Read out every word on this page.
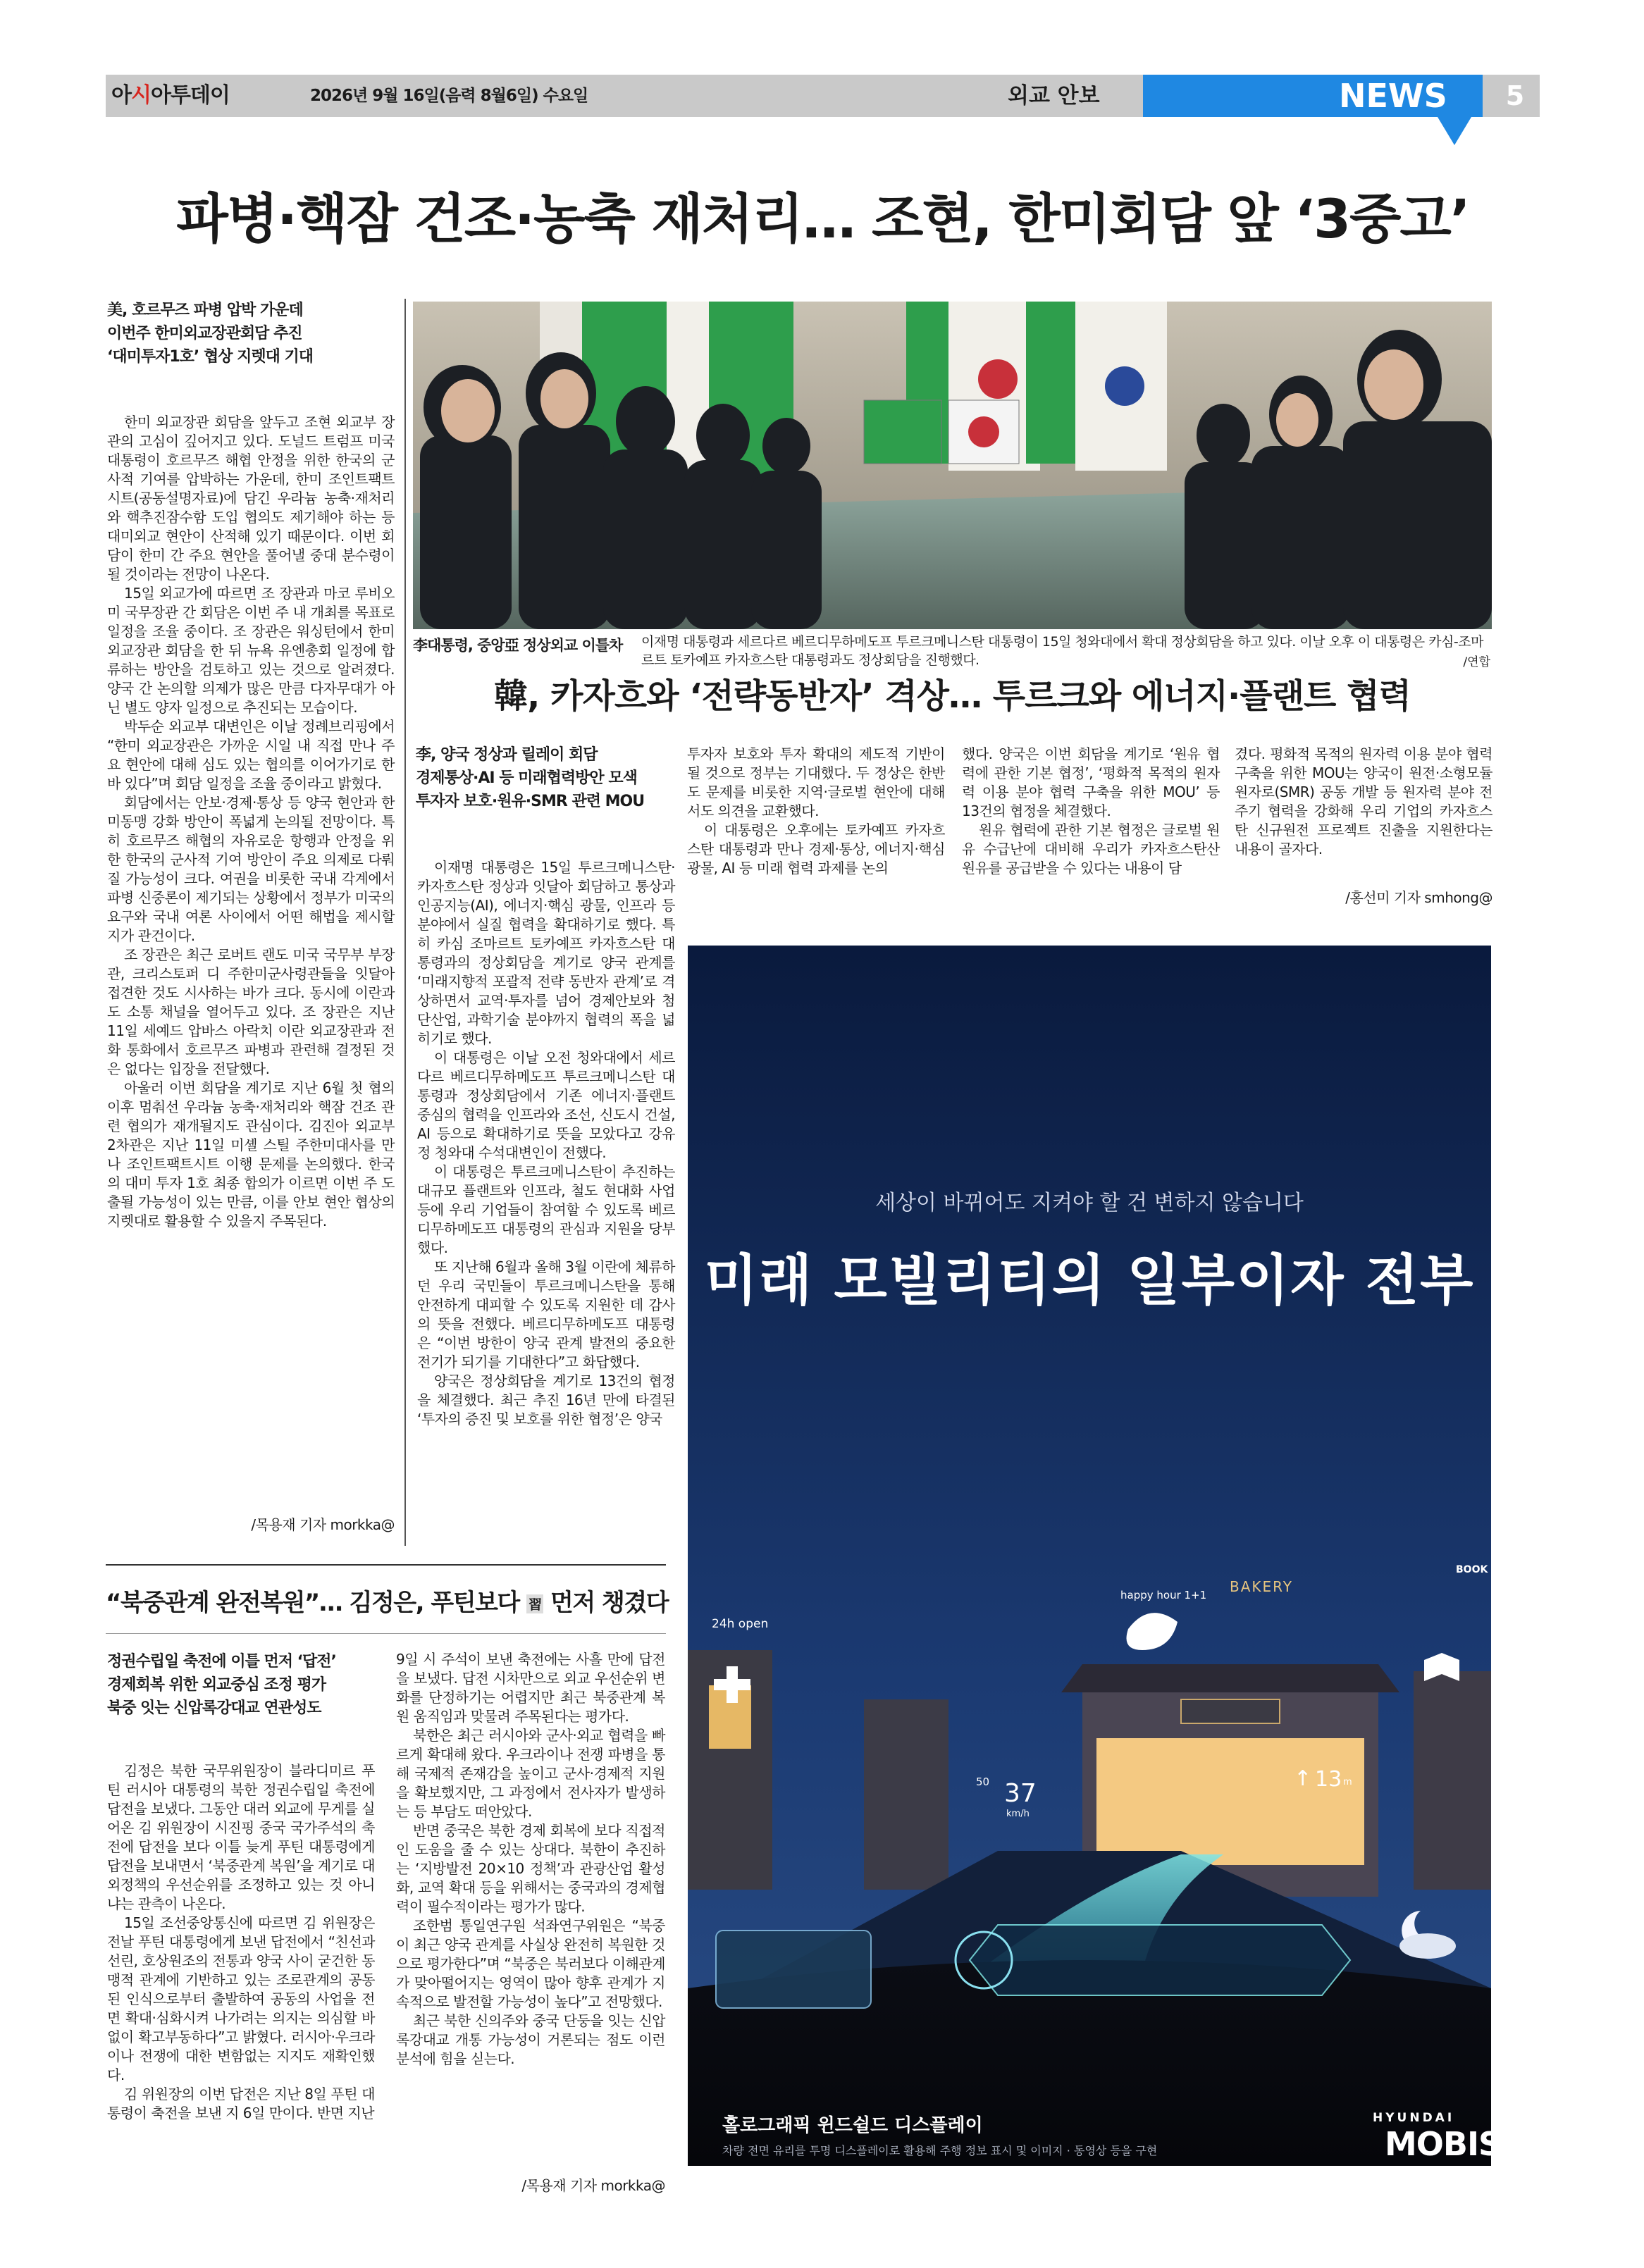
아시아투데이	2026년 9월 16일(음력 8월6일) 수요일	외교 안보	NEWS	5
파병·핵잠 건조·농축 재처리… 조현, 한미회담 앞 ‘3중고’
美, 호르무즈 파병 압박 가운데
이번주 한미외교장관회담 추진
‘대미투자1호’ 협상 지렛대 기대

한미 외교장관 회담을 앞두고 조현 외교부 장관의 고심이 깊어지고 있다. 도널드 트럼프 미국 대통령이 호르무즈 해협 안정을 위한 한국의 군사적 기여를 압박하는 가운데, 한미 조인트팩트시트(공동설명자료)에 담긴 우라늄 농축·재처리와 핵추진잠수함 도입 협의도 제기해야 하는 등 대미외교 현안이 산적해 있기 때문이다. 이번 회담이 한미 간 주요 현안을 풀어낼 중대 분수령이 될 것이라는 전망이 나온다.

15일 외교가에 따르면 조 장관과 마코 루비오 미 국무장관 간 회담은 이번 주 내 개최를 목표로 일정을 조율 중이다. 조 장관은 워싱턴에서 한미 외교장관 회담을 한 뒤 뉴욕 유엔총회 일정에 합류하는 방안을 검토하고 있는 것으로 알려졌다. 양국 간 논의할 의제가 많은 만큼 다자무대가 아닌 별도 양자 일정으로 추진되는 모습이다.

박두순 외교부 대변인은 이날 정례브리핑에서 “한미 외교장관은 가까운 시일 내 직접 만나 주요 현안에 대해 심도 있는 협의를 이어가기로 한 바 있다”며 회담 일정을 조율 중이라고 밝혔다.

회담에서는 안보·경제·통상 등 양국 현안과 한미동맹 강화 방안이 폭넓게 논의될 전망이다. 특히 호르무즈 해협의 자유로운 항행과 안정을 위한 한국의 군사적 기여 방안이 주요 의제로 다뤄질 가능성이 크다. 여권을 비롯한 국내 각계에서 파병 신중론이 제기되는 상황에서 정부가 미국의 요구와 국내 여론 사이에서 어떤 해법을 제시할지가 관건이다.

조 장관은 최근 로버트 랜도 미국 국무부 부장관, 크리스토퍼 디 주한미군사령관들을 잇달아 접견한 것도 시사하는 바가 크다. 동시에 이란과도 소통 채널을 열어두고 있다. 조 장관은 지난 11일 세예드 압바스 아락치 이란 외교장관과 전화 통화에서 호르무즈 파병과 관련해 결정된 것은 없다는 입장을 전달했다.

아울러 이번 회담을 계기로 지난 6월 첫 협의 이후 멈춰선 우라늄 농축·재처리와 핵잠 건조 관련 협의가 재개될지도 관심이다. 김진아 외교부 2차관은 지난 11일 미셸 스틸 주한미대사를 만나 조인트팩트시트 이행 문제를 논의했다. 한국의 대미 투자 1호 최종 합의가 이르면 이번 주 도출될 가능성이 있는 만큼, 이를 안보 현안 협상의 지렛대로 활용할 수 있을지 주목된다.

/목용재 기자 morkka@
李대통령, 중앙亞 정상외교 이틀차 이재명 대통령과 세르다르 베르디무하메도프 투르크메니스탄 대통령이 15일 청와대에서 확대 정상회담을 하고 있다. 이날 오후 이 대통령은 카심-조마르트 토카예프 카자흐스탄 대통령과도 정상회담을 진행했다.	/연합
韓, 카자흐와 ‘전략동반자’ 격상… 투르크와 에너지·플랜트 협력
李, 양국 정상과 릴레이 회담
경제통상·AI 등 미래협력방안 모색
투자자 보호·원유·SMR 관련 MOU

이재명 대통령은 15일 투르크메니스탄·카자흐스탄 정상과 잇달아 회담하고 통상과 인공지능(AI), 에너지·핵심 광물, 인프라 등 분야에서 실질 협력을 확대하기로 했다. 특히 카심 조마르트 토카예프 카자흐스탄 대통령과의 정상회담을 계기로 양국 관계를 ‘미래지향적 포괄적 전략 동반자 관계’로 격상하면서 교역·투자를 넘어 경제안보와 첨단산업, 과학기술 분야까지 협력의 폭을 넓히기로 했다.

이 대통령은 이날 오전 청와대에서 세르다르 베르디무하메도프 투르크메니스탄 대통령과 정상회담에서 기존 에너지·플랜트 중심의 협력을 인프라와 조선, 신도시 건설, AI 등으로 확대하기로 뜻을 모았다고 강유정 청와대 수석대변인이 전했다.

이 대통령은 투르크메니스탄이 추진하는 대규모 플랜트와 인프라, 철도 현대화 사업 등에 우리 기업들이 참여할 수 있도록 베르디무하메도프 대통령의 관심과 지원을 당부했다.

또 지난해 6월과 올해 3월 이란에 체류하던 우리 국민들이 투르크메니스탄을 통해 안전하게 대피할 수 있도록 지원한 데 감사의 뜻을 전했다. 베르디무하메도프 대통령은 “이번 방한이 양국 관계 발전의 중요한 전기가 되기를 기대한다”고 화답했다.

양국은 정상회담을 계기로 13건의 협정을 체결했다. 최근 추진 16년 만에 타결된 ‘투자의 증진 및 보호를 위한 협정’은 양국

투자자 보호와 투자 확대의 제도적 기반이 될 것으로 정부는 기대했다. 두 정상은 한반도 문제를 비롯한 지역·글로벌 현안에 대해서도 의견을 교환했다.

이 대통령은 오후에는 토카예프 카자흐스탄 대통령과 만나 경제·통상, 에너지·핵심 광물, AI 등 미래 협력 과제를 논의

했다. 양국은 이번 회담을 계기로 ‘원유 협력에 관한 기본 협정’, ‘평화적 목적의 원자력 이용 분야 협력 구축을 위한 MOU’ 등 13건의 협정을 체결했다.

원유 협력에 관한 기본 협정은 글로벌 원유 수급난에 대비해 우리가 카자흐스탄산 원유를 공급받을 수 있다는 내용이 담

겼다. 평화적 목적의 원자력 이용 분야 협력 구축을 위한 MOU는 양국이 원전·소형모듈원자로(SMR) 공동 개발 등 원자력 분야 전주기 협력을 강화해 우리 기업의 카자흐스탄 신규원전 프로젝트 진출을 지원한다는 내용이 골자다.

/홍선미 기자 smhong@
세상이 바뀌어도 지켜야 할 건 변하지 않습니다
미래 모빌리티의 일부이자 전부
24h open
happy hour 1+1 BAKERY
BOOK
50 37
km/h
↑ 13 m
홀로그래픽 윈드쉴드 디스플레이
차량 전면 유리를 투명 디스플레이로 활용해 주행 정보 표시 및 이미지 · 동영상 등을 구현
HYUNDAI
MOBIS
“북중관계 완전복원”… 김정은, 푸틴보다 習 먼저 챙겼다
정권수립일 축전에 이틀 먼저 ‘답전’
경제회복 위한 외교중심 조정 평가
북중 잇는 신압록강대교 연관성도

김정은 북한 국무위원장이 블라디미르 푸틴 러시아 대통령의 북한 정권수립일 축전에 답전을 보냈다. 그동안 대러 외교에 무게를 실어온 김 위원장이 시진핑 중국 국가주석의 축전에 답전을 보다 이틀 늦게 푸틴 대통령에게 답전을 보내면서 ‘북중관계 복원’을 계기로 대외정책의 우선순위를 조정하고 있는 것 아니냐는 관측이 나온다.

15일 조선중앙통신에 따르면 김 위원장은 전날 푸틴 대통령에게 보낸 답전에서 “친선과 선린, 호상원조의 전통과 양국 사이 굳건한 동맹적 관계에 기반하고 있는 조로관계의 공동된 인식으로부터 출발하여 공동의 사업을 전면 확대·심화시켜 나가려는 의지는 의심할 바 없이 확고부동하다”고 밝혔다. 러시아·우크라이나 전쟁에 대한 변함없는 지지도 재확인했다.

김 위원장의 이번 답전은 지난 8일 푸틴 대통령이 축전을 보낸 지 6일 만이다. 반면 지난

9일 시 주석이 보낸 축전에는 사흘 만에 답전을 보냈다. 답전 시차만으로 외교 우선순위 변화를 단정하기는 어렵지만 최근 북중관계 복원 움직임과 맞물려 주목된다는 평가다.

북한은 최근 러시아와 군사·외교 협력을 빠르게 확대해 왔다. 우크라이나 전쟁 파병을 통해 국제적 존재감을 높이고 군사·경제적 지원을 확보했지만, 그 과정에서 전사자가 발생하는 등 부담도 떠안았다.

반면 중국은 북한 경제 회복에 보다 직접적인 도움을 줄 수 있는 상대다. 북한이 추진하는 ‘지방발전 20×10 정책’과 관광산업 활성화, 교역 확대 등을 위해서는 중국과의 경제협력이 필수적이라는 평가가 많다.

조한범 통일연구원 석좌연구위원은 “북중이 최근 양국 관계를 사실상 완전히 복원한 것으로 평가한다”며 “북중은 북러보다 이해관계가 맞아떨어지는 영역이 많아 향후 관계가 지속적으로 발전할 가능성이 높다”고 전망했다.

최근 북한 신의주와 중국 단둥을 잇는 신압록강대교 개통 가능성이 거론되는 점도 이런 분석에 힘을 싣는다.

/목용재 기자 morkka@
